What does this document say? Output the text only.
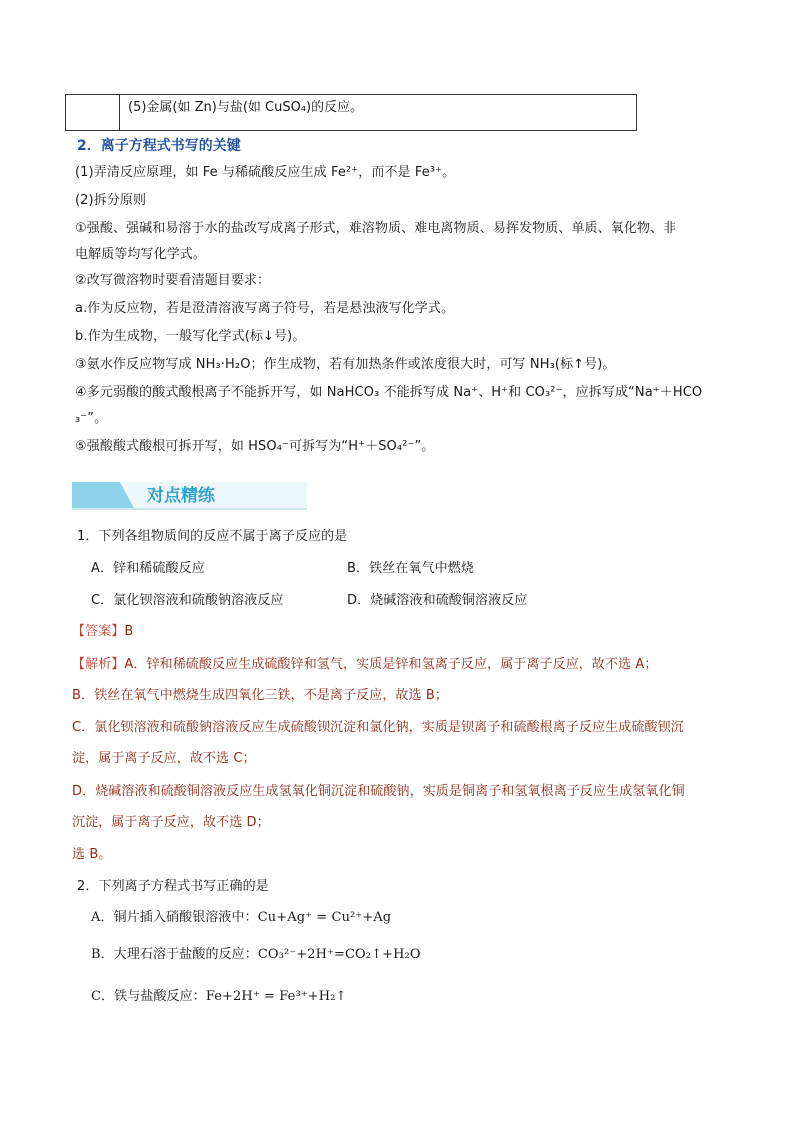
(5)金属(如 Zn)与盐(如 CuSO₄)的反应。
2．离子方程式书写的关键
(1)弄清反应原理，如 Fe 与稀硫酸反应生成 Fe²⁺，而不是 Fe³⁺。
(2)拆分原则
①强酸、强碱和易溶于水的盐改写成离子形式，难溶物质、难电离物质、易挥发物质、单质、氧化物、非
电解质等均写化学式。
②改写微溶物时要看清题目要求：
a.作为反应物，若是澄清溶液写离子符号，若是悬浊液写化学式。
b.作为生成物，一般写化学式(标↓号)。
③氨水作反应物写成 NH₃·H₂O；作生成物，若有加热条件或浓度很大时，可写 NH₃(标↑号)。
④多元弱酸的酸式酸根离子不能拆开写，如 NaHCO₃ 不能拆写成 Na⁺、H⁺和 CO₃²⁻，应拆写成“Na⁺＋HCO
₃⁻”。
⑤强酸酸式酸根可拆开写，如 HSO₄⁻可拆写为“H⁺＋SO₄²⁻”。
对点精练
1．下列各组物质间的反应不属于离子反应的是
A．锌和稀硫酸反应	B．铁丝在氧气中燃烧
C．氯化钡溶液和硫酸钠溶液反应	D．烧碱溶液和硫酸铜溶液反应
【答案】B
【解析】A．锌和稀硫酸反应生成硫酸锌和氢气，实质是锌和氢离子反应，属于离子反应，故不选 A；
B．铁丝在氧气中燃烧生成四氧化三铁，不是离子反应，故选 B；
C．氯化钡溶液和硫酸钠溶液反应生成硫酸钡沉淀和氯化钠，实质是钡离子和硫酸根离子反应生成硫酸钡沉
淀，属于离子反应，故不选 C；
D．烧碱溶液和硫酸铜溶液反应生成氢氧化铜沉淀和硫酸钠，实质是铜离子和氢氧根离子反应生成氢氧化铜
沉淀，属于离子反应，故不选 D；
选 B。
2．下列离子方程式书写正确的是
A．铜片插入硝酸银溶液中：Cu+Ag⁺ = Cu²⁺+Ag
B．大理石溶于盐酸的反应：CO₃²⁻+2H⁺=CO₂↑+H₂O
C．铁与盐酸反应：Fe+2H⁺ = Fe³⁺+H₂↑
